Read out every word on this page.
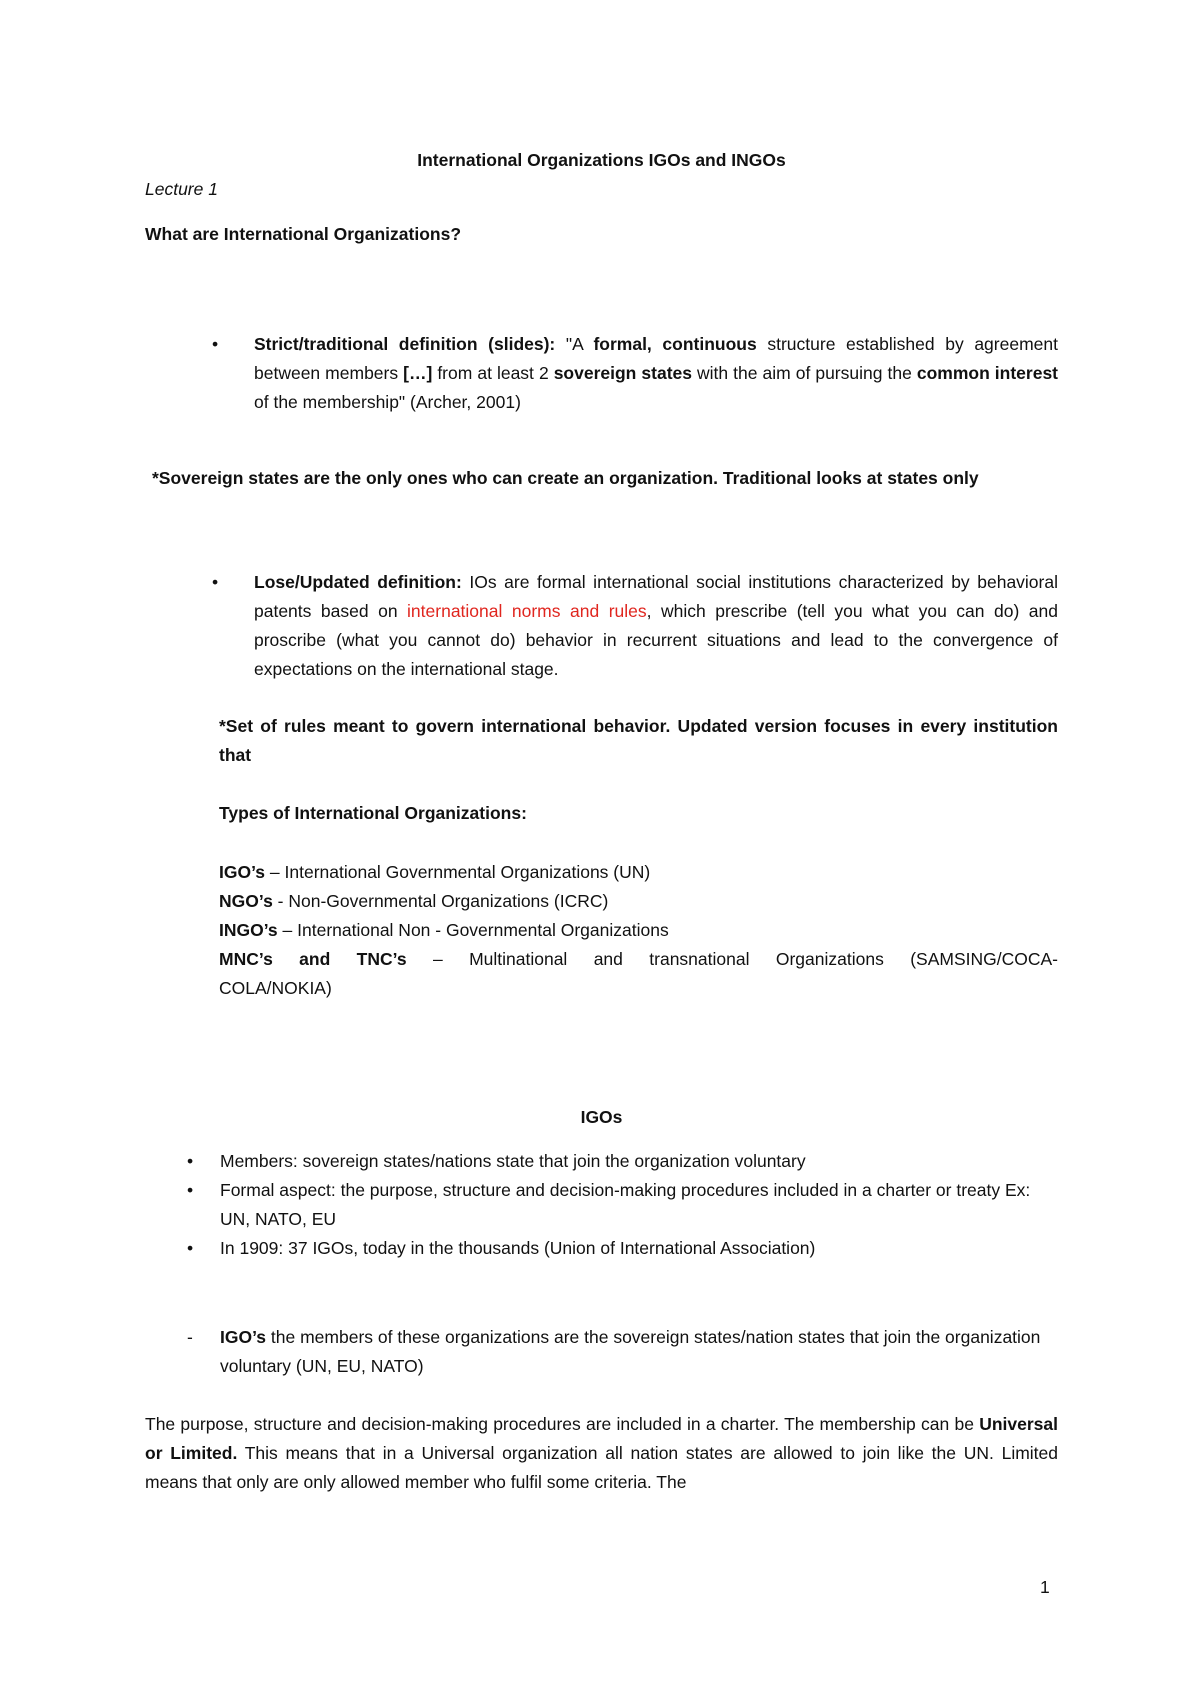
International Organizations IGOs and INGOs

Lecture 1

What are International Organizations?

•	Strict/traditional definition (slides): "A formal, continuous structure established by agreement between members […] from at least 2 sovereign states with the aim of pursuing the common interest of the membership" (Archer, 2001)

*Sovereign states are the only ones who can create an organization. Traditional looks at states only

•	Lose/Updated definition: IOs are formal international social institutions characterized by behavioral patents based on international norms and rules, which prescribe (tell you what you can do) and proscribe (what you cannot do) behavior in recurrent situations and lead to the convergence of expectations on the international stage.

*Set of rules meant to govern international behavior. Updated version focuses in every institution that

Types of International Organizations:

IGO’s – International Governmental Organizations (UN)
NGO’s - Non-Governmental Organizations (ICRC)
INGO’s – International Non - Governmental Organizations
MNC’s and TNC’s – Multinational and transnational Organizations (SAMSING/COCA-COLA/NOKIA)

IGOs

•	Members: sovereign states/nations state that join the organization voluntary

•	Formal aspect: the purpose, structure and decision-making procedures included in a charter or treaty Ex: UN, NATO, EU

•	In 1909: 37 IGOs, today in the thousands (Union of International Association)

-	IGO’s the members of these organizations are the sovereign states/nation states that join the organization voluntary (UN, EU, NATO)

The purpose, structure and decision-making procedures are included in a charter. The membership can be Universal or Limited. This means that in a Universal organization all nation states are allowed to join like the UN. Limited means that only are only allowed member who fulfil some criteria. The

1
